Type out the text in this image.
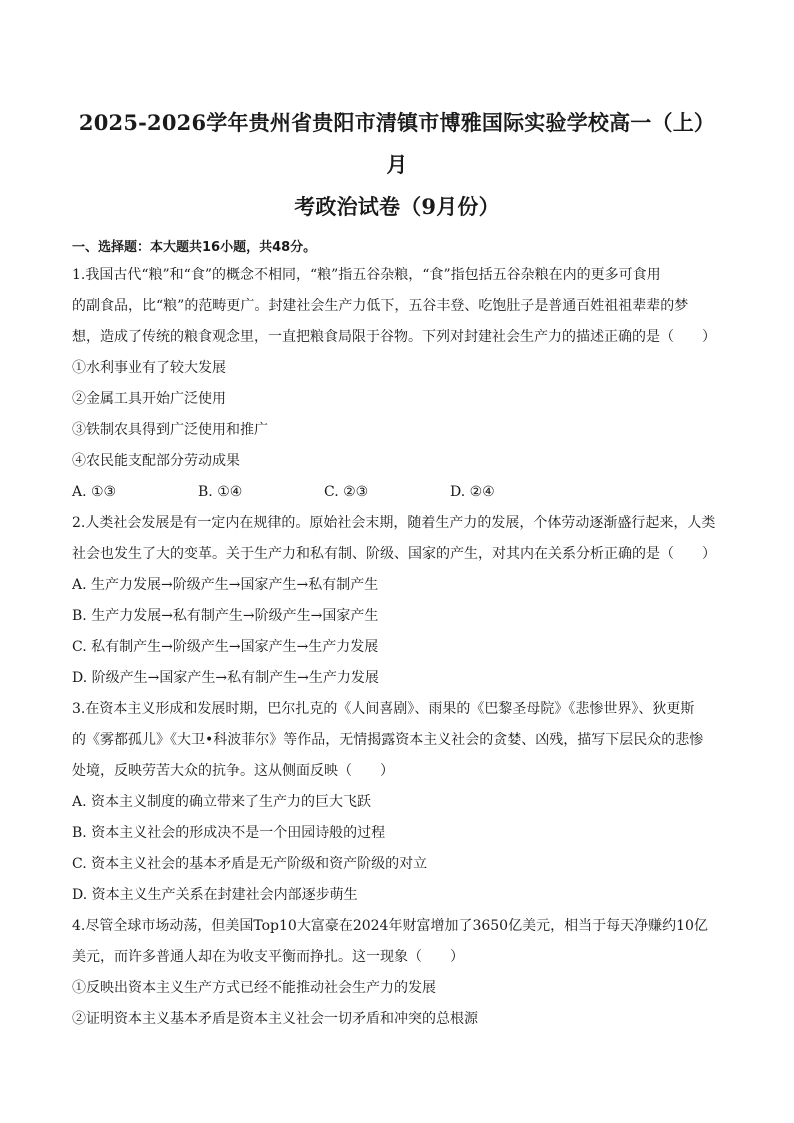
2025-2026学年贵州省贵阳市清镇市博雅国际实验学校高一（上）月
考政治试卷（9月份）
一、选择题：本大题共16小题，共48分。
1.我国古代“粮”和“食”的概念不相同，“粮”指五谷杂粮，“食”指包括五谷杂粮在内的更多可食用
的副食品，比“粮”的范畴更广。封建社会生产力低下，五谷丰登、吃饱肚子是普通百姓祖祖辈辈的梦
想，造成了传统的粮食观念里，一直把粮食局限于谷物。下列对封建社会生产力的描述正确的是（　　）
①水利事业有了较大发展
②金属工具开始广泛使用
③铁制农具得到广泛使用和推广
④农民能支配部分劳动成果
A. ①③	B. ①④	C. ②③	D. ②④
2.人类社会发展是有一定内在规律的。原始社会末期，随着生产力的发展，个体劳动逐渐盛行起来，人类
社会也发生了大的变革。关于生产力和私有制、阶级、国家的产生，对其内在关系分析正确的是（　　）
A. 生产力发展→阶级产生→国家产生→私有制产生
B. 生产力发展→私有制产生→阶级产生→国家产生
C. 私有制产生→阶级产生→国家产生→生产力发展
D. 阶级产生→国家产生→私有制产生→生产力发展
3.在资本主义形成和发展时期，巴尔扎克的《人间喜剧》、雨果的《巴黎圣母院》《悲惨世界》、狄更斯
的《雾都孤儿》《大卫•科波菲尔》等作品，无情揭露资本主义社会的贪婪、凶残，描写下层民众的悲惨
处境，反映劳苦大众的抗争。这从侧面反映（　　）
A. 资本主义制度的确立带来了生产力的巨大飞跃
B. 资本主义社会的形成决不是一个田园诗般的过程
C. 资本主义社会的基本矛盾是无产阶级和资产阶级的对立
D. 资本主义生产关系在封建社会内部逐步萌生
4.尽管全球市场动荡，但美国Top10大富豪在2024年财富增加了3650亿美元，相当于每天净赚约10亿
美元，而许多普通人却在为收支平衡而挣扎。这一现象（　　）
①反映出资本主义生产方式已经不能推动社会生产力的发展
②证明资本主义基本矛盾是资本主义社会一切矛盾和冲突的总根源
